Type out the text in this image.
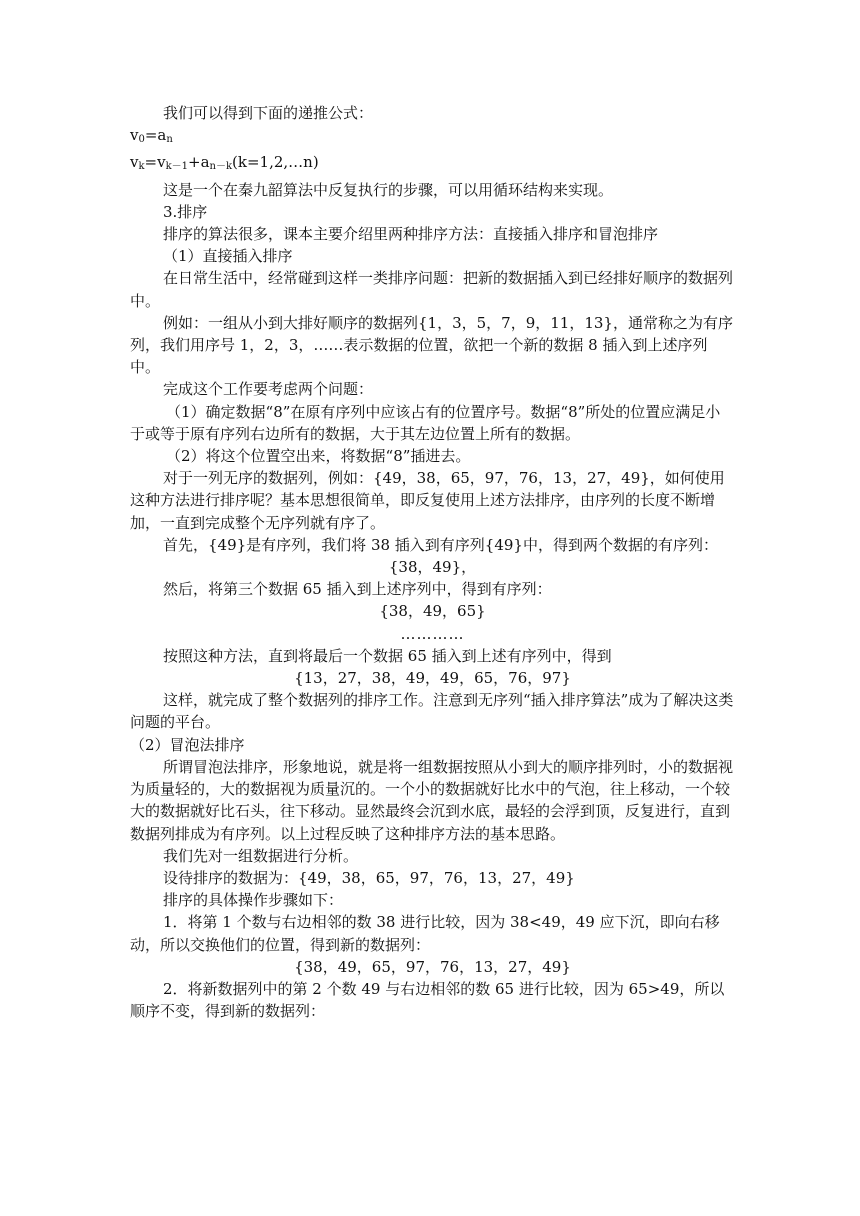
我们可以得到下面的递推公式：

$v_0=a_n$

$v_k=v_{k-1}+a_{n-k}(k=1,2,\dots n)$

这是一个在秦九韶算法中反复执行的步骤，可以用循环结构来实现。

3.排序

排序的算法很多，课本主要介绍里两种排序方法：直接插入排序和冒泡排序

（1）直接插入排序

在日常生活中，经常碰到这样一类排序问题：把新的数据插入到已经排好顺序的数据列中。

例如：一组从小到大排好顺序的数据列{1，3，5，7，9，11，13}，通常称之为有序列，我们用序号 1，2，3，……表示数据的位置，欲把一个新的数据 8 插入到上述序列中。

完成这个工作要考虑两个问题：

（1）确定数据“8”在原有序列中应该占有的位置序号。数据“8”所处的位置应满足小于或等于原有序列右边所有的数据，大于其左边位置上所有的数据。

（2）将这个位置空出来，将数据“8”插进去。

对于一列无序的数据列，例如：{49，38，65，97，76，13，27，49}，如何使用这种方法进行排序呢？基本思想很简单，即反复使用上述方法排序，由序列的长度不断增加，一直到完成整个无序列就有序了。

首先，{49}是有序列，我们将 38 插入到有序列{49}中，得到两个数据的有序列：

{38，49}，

然后，将第三个数据 65 插入到上述序列中，得到有序列：

{38，49，65}

…………

按照这种方法，直到将最后一个数据 65 插入到上述有序列中，得到

{13，27，38，49，49，65，76，97}

这样，就完成了整个数据列的排序工作。注意到无序列“插入排序算法”成为了解决这类问题的平台。

（2）冒泡法排序

所谓冒泡法排序，形象地说，就是将一组数据按照从小到大的顺序排列时，小的数据视为质量轻的，大的数据视为质量沉的。一个小的数据就好比水中的气泡，往上移动，一个较大的数据就好比石头，往下移动。显然最终会沉到水底，最轻的会浮到顶，反复进行，直到数据列排成为有序列。以上过程反映了这种排序方法的基本思路。

我们先对一组数据进行分析。

设待排序的数据为：{49，38，65，97，76，13，27，49}

排序的具体操作步骤如下：

1．将第 1 个数与右边相邻的数 38 进行比较，因为 38<49，49 应下沉，即向右移动，所以交换他们的位置，得到新的数据列：

{38，49，65，97，76，13，27，49}

2．将新数据列中的第 2 个数 49 与右边相邻的数 65 进行比较，因为 65>49，所以顺序不变，得到新的数据列：
